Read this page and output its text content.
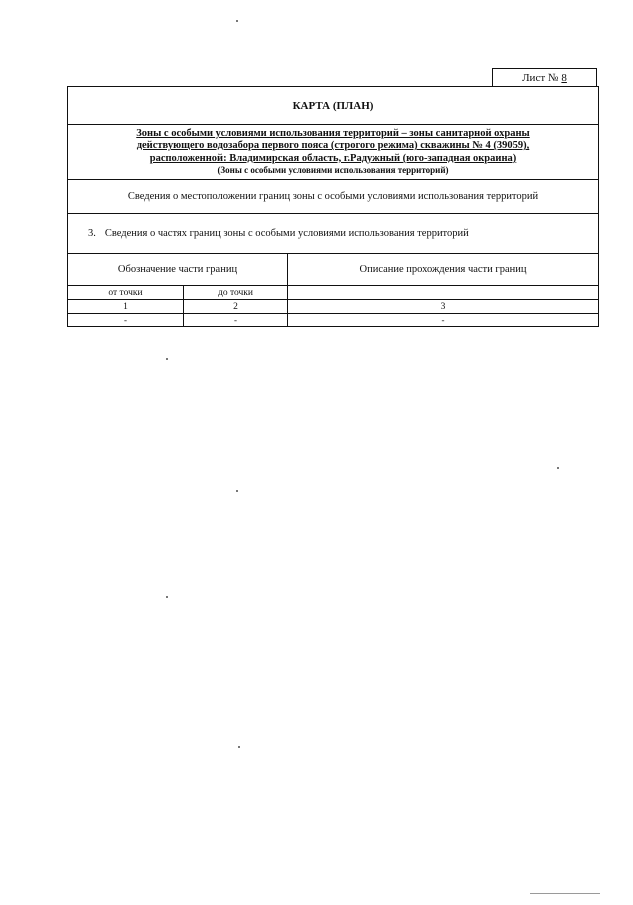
Лист № 8
КАРТА (ПЛАН)
Зоны с особыми условиями использования территорий – зоны санитарной охраны
действующего водозабора первого пояса (строгого режима) скважины № 4 (39059),
расположенной: Владимирская область, г.Радужный (юго-западная окраина)
(Зоны с особыми условиями использования территорий)
Сведения о местоположении границ зоны с особыми условиями использования территорий
3. Сведения о частях границ зоны с особыми условиями использования территорий
Обозначение части границ	Описание прохождения части границ
от точки	до точки
1	2	3
-	-	-
